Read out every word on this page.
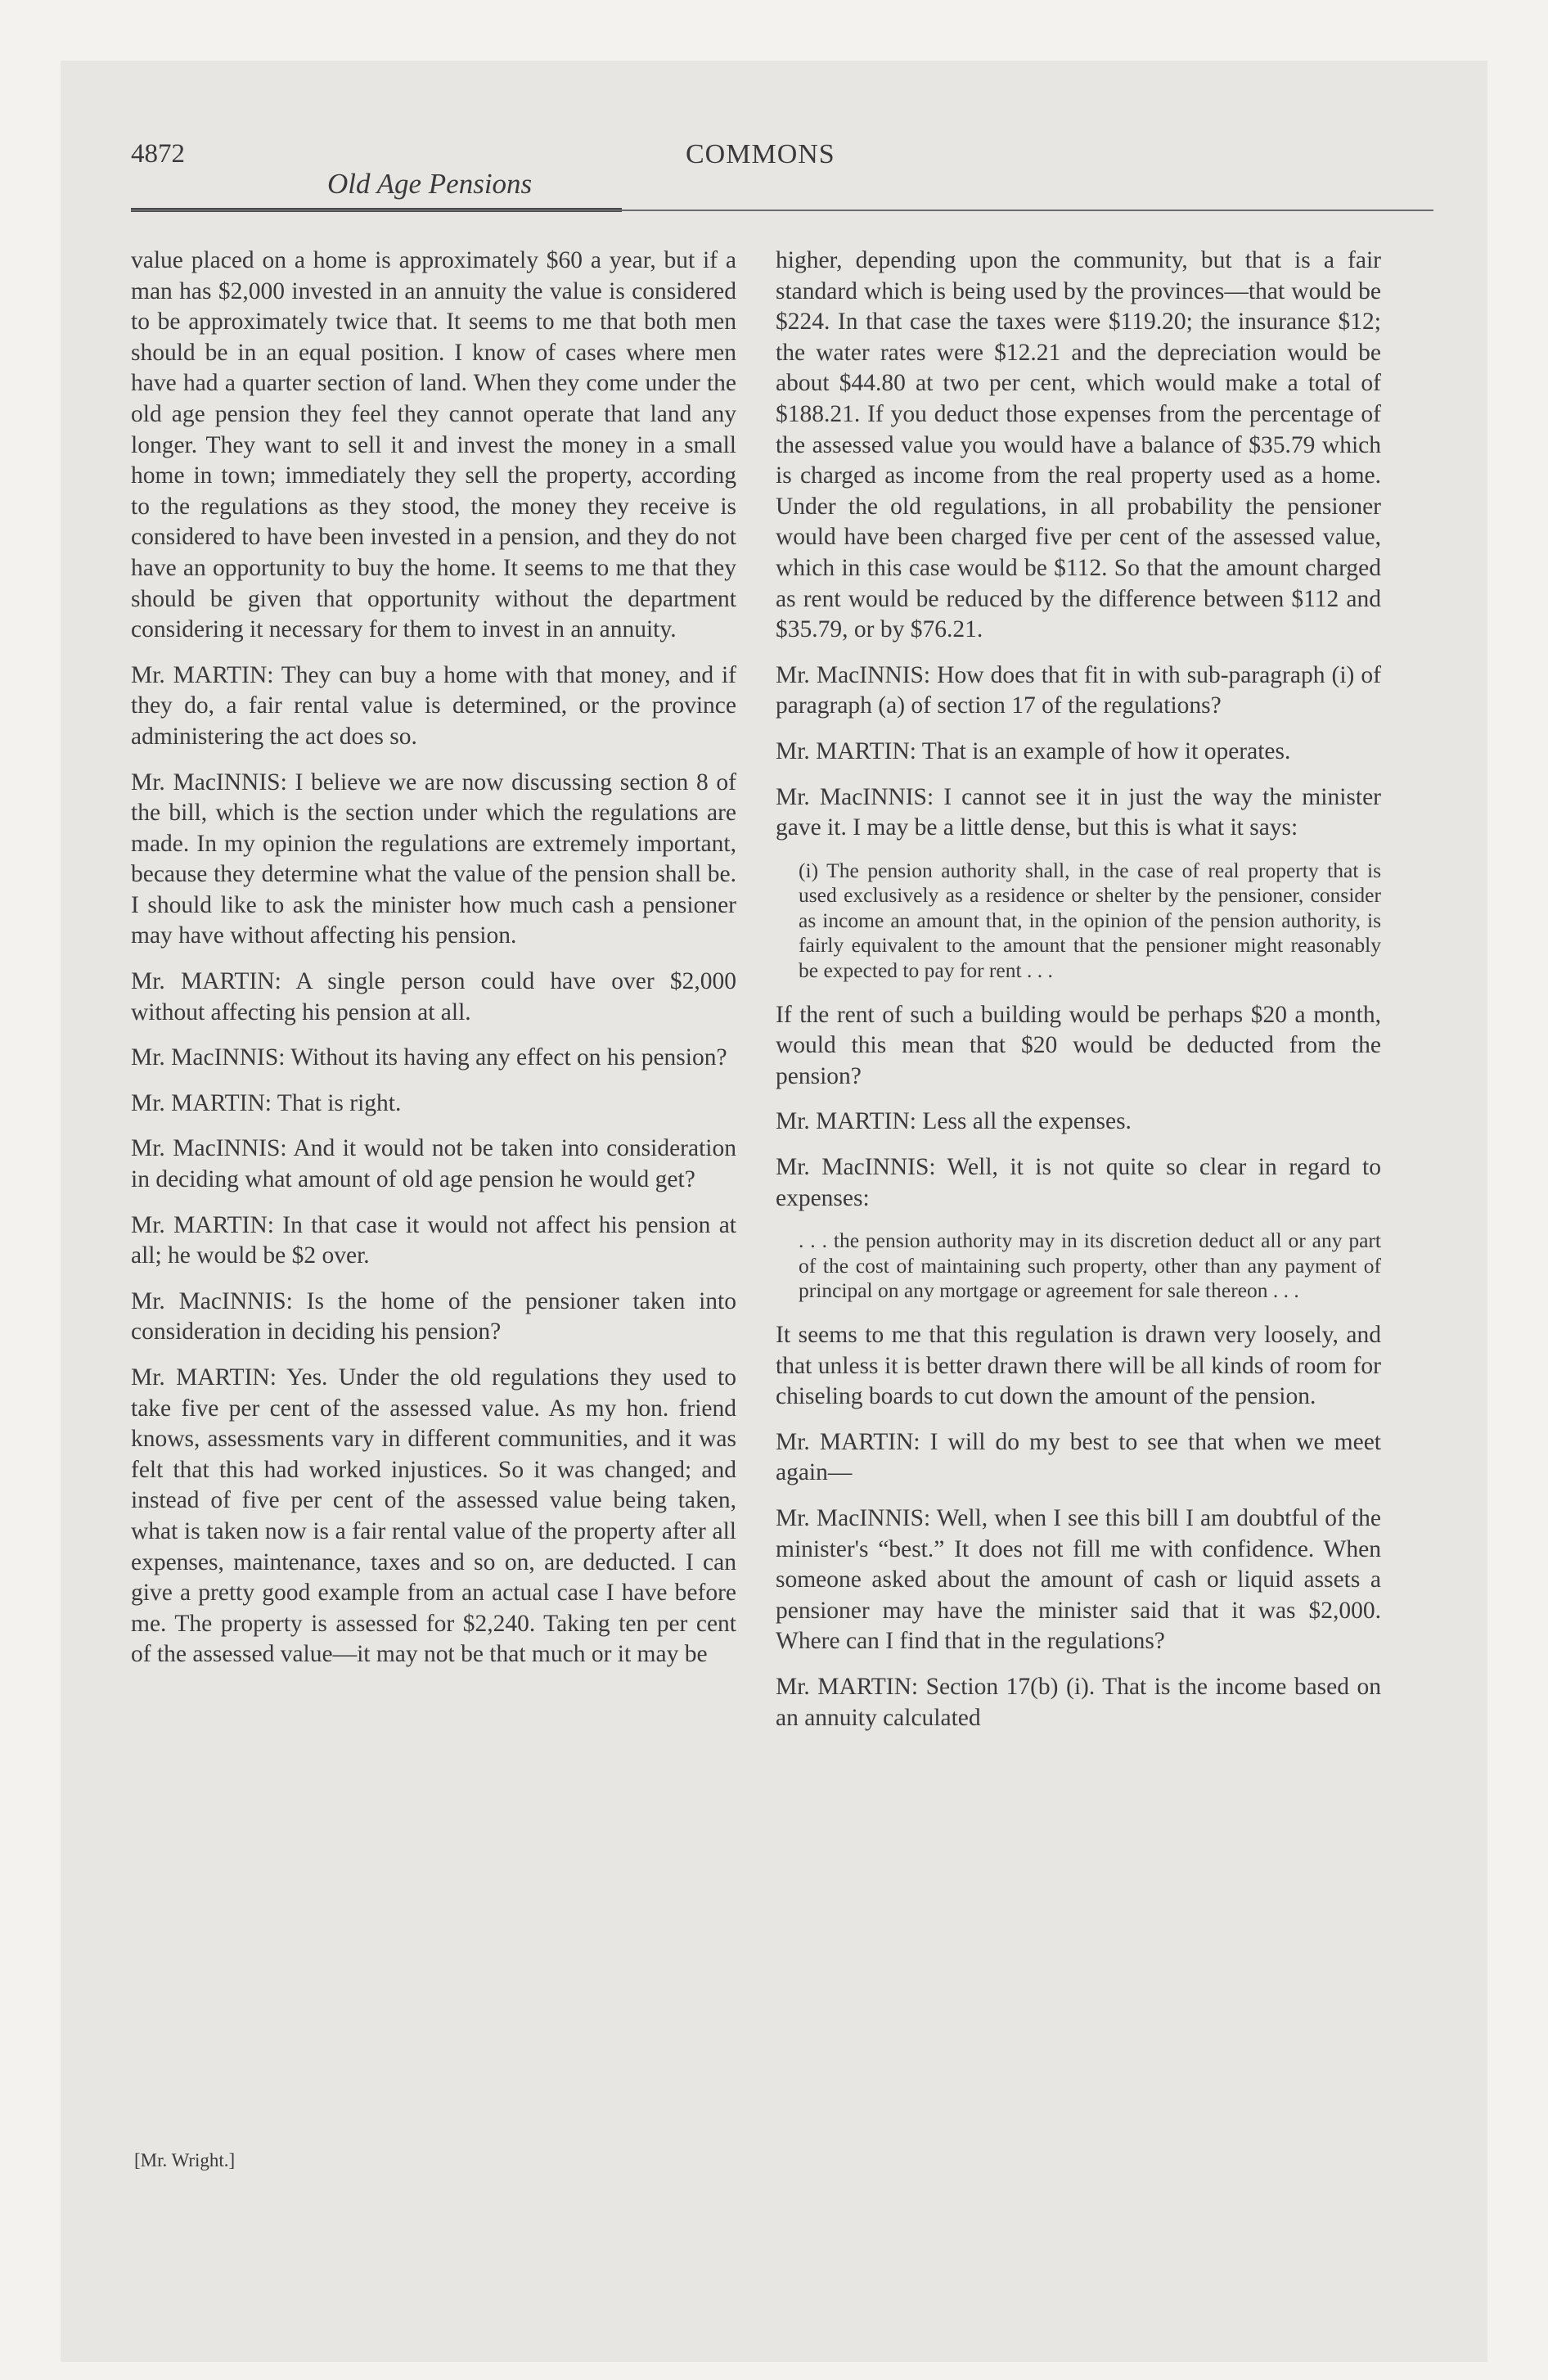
4872
Old Age Pensions
COMMONS

value placed on a home is approximately $60 a year, but if a man has $2,000 invested in an annuity the value is considered to be approximately twice that. It seems to me that both men should be in an equal position. I know of cases where men have had a quarter section of land. When they come under the old age pension they feel they cannot operate that land any longer. They want to sell it and invest the money in a small home in town; immediately they sell the property, according to the regulations as they stood, the money they receive is considered to have been invested in a pension, and they do not have an opportunity to buy the home. It seems to me that they should be given that opportunity without the department considering it necessary for them to invest in an annuity.

Mr. MARTIN: They can buy a home with that money, and if they do, a fair rental value is determined, or the province administering the act does so.

Mr. MacINNIS: I believe we are now discussing section 8 of the bill, which is the section under which the regulations are made. In my opinion the regulations are extremely important, because they determine what the value of the pension shall be. I should like to ask the minister how much cash a pensioner may have without affecting his pension.

Mr. MARTIN: A single person could have over $2,000 without affecting his pension at all.

Mr. MacINNIS: Without its having any effect on his pension?

Mr. MARTIN: That is right.

Mr. MacINNIS: And it would not be taken into consideration in deciding what amount of old age pension he would get?

Mr. MARTIN: In that case it would not affect his pension at all; he would be $2 over.

Mr. MacINNIS: Is the home of the pensioner taken into consideration in deciding his pension?

Mr. MARTIN: Yes. Under the old regulations they used to take five per cent of the assessed value. As my hon. friend knows, assessments vary in different communities, and it was felt that this had worked injustices. So it was changed; and instead of five per cent of the assessed value being taken, what is taken now is a fair rental value of the property after all expenses, maintenance, taxes and so on, are deducted. I can give a pretty good example from an actual case I have before me. The property is assessed for $2,240. Taking ten per cent of the assessed value—it may not be that much or it may be

higher, depending upon the community, but that is a fair standard which is being used by the provinces—that would be $224. In that case the taxes were $119.20; the insurance $12; the water rates were $12.21 and the depreciation would be about $44.80 at two per cent, which would make a total of $188.21. If you deduct those expenses from the percentage of the assessed value you would have a balance of $35.79 which is charged as income from the real property used as a home. Under the old regulations, in all probability the pensioner would have been charged five per cent of the assessed value, which in this case would be $112. So that the amount charged as rent would be reduced by the difference between $112 and $35.79, or by $76.21.

Mr. MacINNIS: How does that fit in with sub-paragraph (i) of paragraph (a) of section 17 of the regulations?

Mr. MARTIN: That is an example of how it operates.

Mr. MacINNIS: I cannot see it in just the way the minister gave it. I may be a little dense, but this is what it says:

(i) The pension authority shall, in the case of real property that is used exclusively as a residence or shelter by the pensioner, consider as income an amount that, in the opinion of the pension authority, is fairly equivalent to the amount that the pensioner might reasonably be expected to pay for rent . . .

If the rent of such a building would be perhaps $20 a month, would this mean that $20 would be deducted from the pension?

Mr. MARTIN: Less all the expenses.

Mr. MacINNIS: Well, it is not quite so clear in regard to expenses:

. . . the pension authority may in its discretion deduct all or any part of the cost of maintaining such property, other than any payment of principal on any mortgage or agreement for sale thereon . . .

It seems to me that this regulation is drawn very loosely, and that unless it is better drawn there will be all kinds of room for chiseling boards to cut down the amount of the pension.

Mr. MARTIN: I will do my best to see that when we meet again—

Mr. MacINNIS: Well, when I see this bill I am doubtful of the minister's “best.” It does not fill me with confidence. When someone asked about the amount of cash or liquid assets a pensioner may have the minister said that it was $2,000. Where can I find that in the regulations?

Mr. MARTIN: Section 17(b) (i). That is the income based on an annuity calculated

[Mr. Wright.]
